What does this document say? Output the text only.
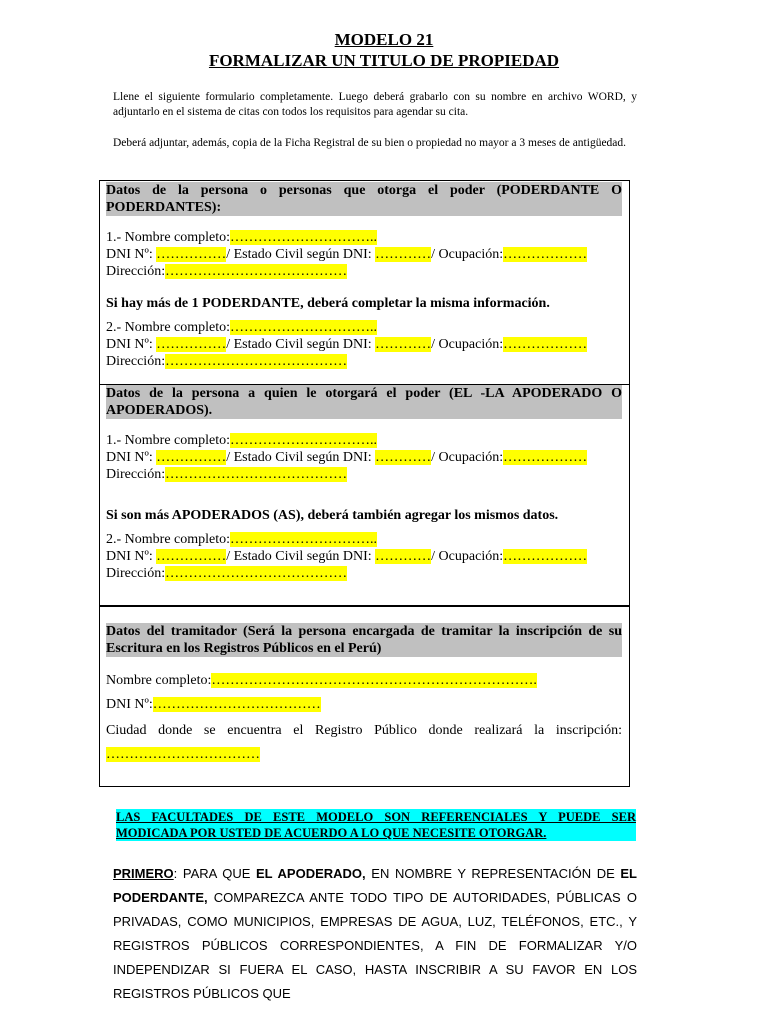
MODELO 21
FORMALIZAR UN TITULO DE PROPIEDAD
Llene el siguiente formulario completamente. Luego deberá grabarlo con su nombre en archivo WORD, y adjuntarlo en el sistema de citas con todos los requisitos para agendar su cita.
Deberá adjuntar, además, copia de la Ficha Registral de su bien o propiedad no mayor a 3 meses de antigüedad.
Datos de la persona o personas que otorga el poder (PODERDANTE O PODERDANTES):
1.- Nombre completo:…………………………..
DNI Nº: ……………/ Estado Civil según DNI: …………/ Ocupación:………………
Dirección:…………………………………
Si hay más de 1 PODERDANTE, deberá completar la misma información.
2.- Nombre completo:…………………………..
DNI Nº: ……………/ Estado Civil según DNI: …………/ Ocupación:………………
Dirección:…………………………………
Datos de la persona a quien le otorgará el poder (EL -LA APODERADO O APODERADOS).
1.- Nombre completo:…………………………..
DNI Nº: ……………/ Estado Civil según DNI: …………/ Ocupación:………………
Dirección:…………………………………
Si son más APODERADOS (AS), deberá también agregar los mismos datos.
2.- Nombre completo:…………………………..
DNI Nº: ……………/ Estado Civil según DNI: …………/ Ocupación:………………
Dirección:…………………………………
Datos del tramitador (Será la persona encargada de tramitar la inscripción de su Escritura en los Registros Públicos en el Perú)
Nombre completo:…………………………………………………………….
DNI Nº:………………………………
Ciudad donde se encuentra el Registro Público donde realizará la inscripción:
……………………………
LAS FACULTADES DE ESTE MODELO SON REFERENCIALES Y PUEDE SER MODICADA POR USTED DE ACUERDO A LO QUE NECESITE OTORGAR.
PRIMERO: PARA QUE EL APODERADO, EN NOMBRE Y REPRESENTACIÓN DE EL PODERDANTE, COMPAREZCA ANTE TODO TIPO DE AUTORIDADES, PÚBLICAS O PRIVADAS, COMO MUNICIPIOS, EMPRESAS DE AGUA, LUZ, TELÉFONOS, ETC., Y REGISTROS PÚBLICOS CORRESPONDIENTES, A FIN DE FORMALIZAR Y/O INDEPENDIZAR SI FUERA EL CASO, HASTA INSCRIBIR A SU FAVOR EN LOS REGISTROS PÚBLICOS QUE
